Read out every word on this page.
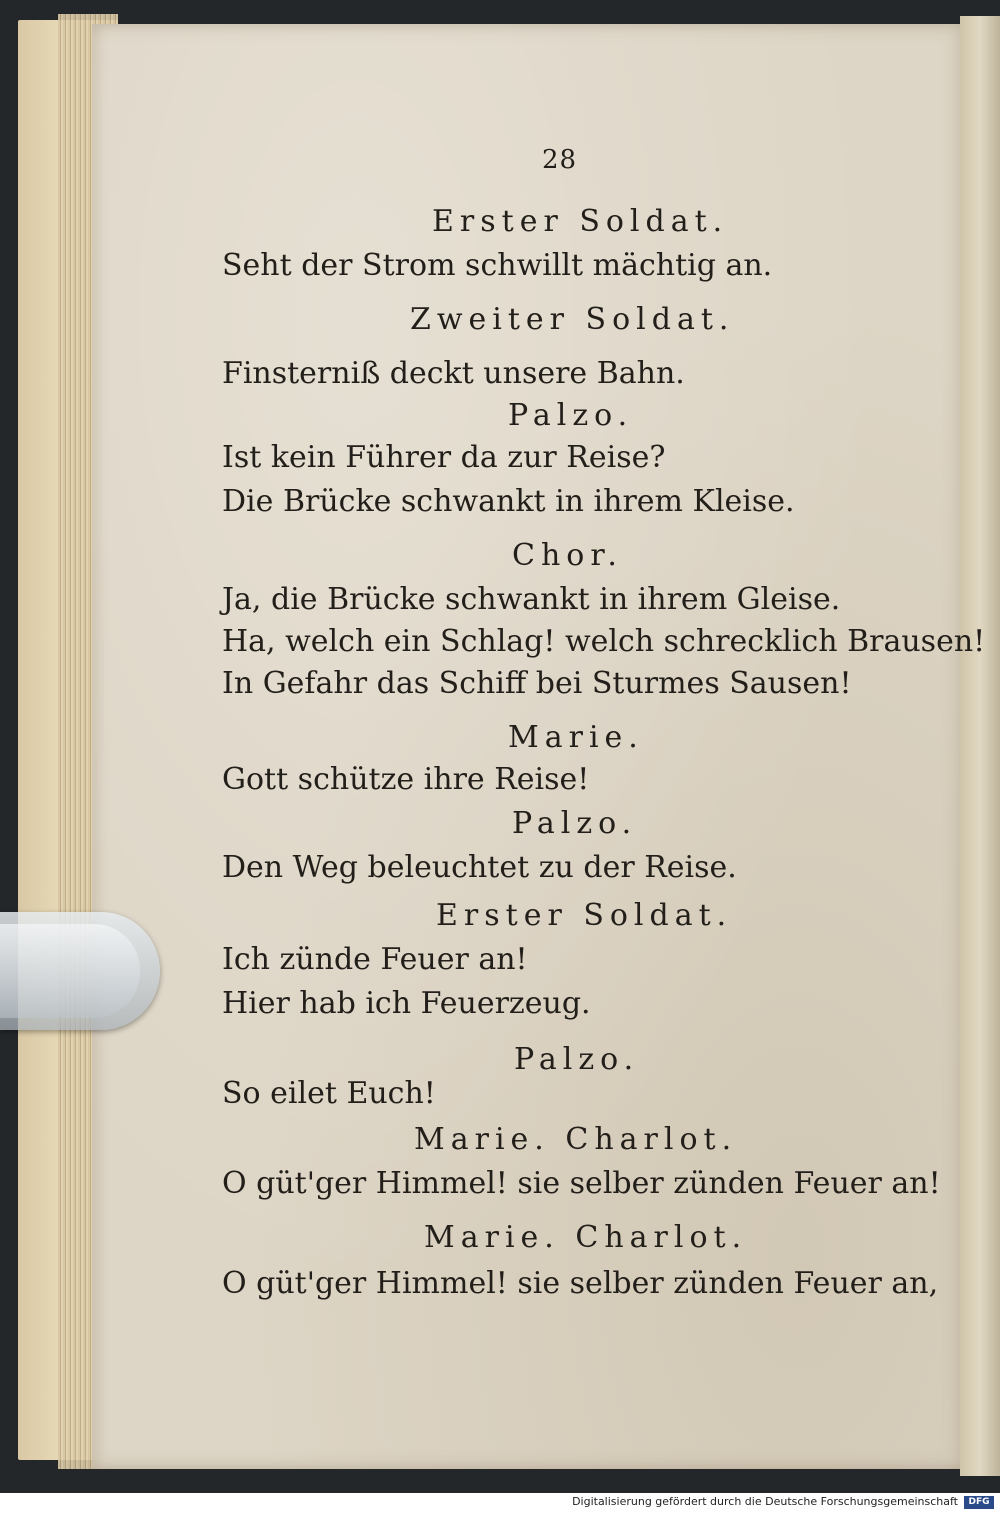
28
Erster Soldat.
Seht der Strom schwillt mächtig an.
Zweiter Soldat.
Finsterniß deckt unsere Bahn.
Palzo.
Ist kein Führer da zur Reise?
Die Brücke schwankt in ihrem Kleise.
Chor.
Ja, die Brücke schwankt in ihrem Gleise.
Ha, welch ein Schlag! welch schrecklich Brausen!
In Gefahr das Schiff bei Sturmes Sausen!
Marie.
Gott schütze ihre Reise!
Palzo.
Den Weg beleuchtet zu der Reise.
Erster Soldat.
Ich zünde Feuer an!
Hier hab ich Feuerzeug.
Palzo.
So eilet Euch!
Marie. Charlot.
O güt'ger Himmel! sie selber zünden Feuer an!
Marie. Charlot.
O güt'ger Himmel! sie selber zünden Feuer an,
Digitalisierung gefördert durch die Deutsche Forschungsgemeinschaft	DFG
